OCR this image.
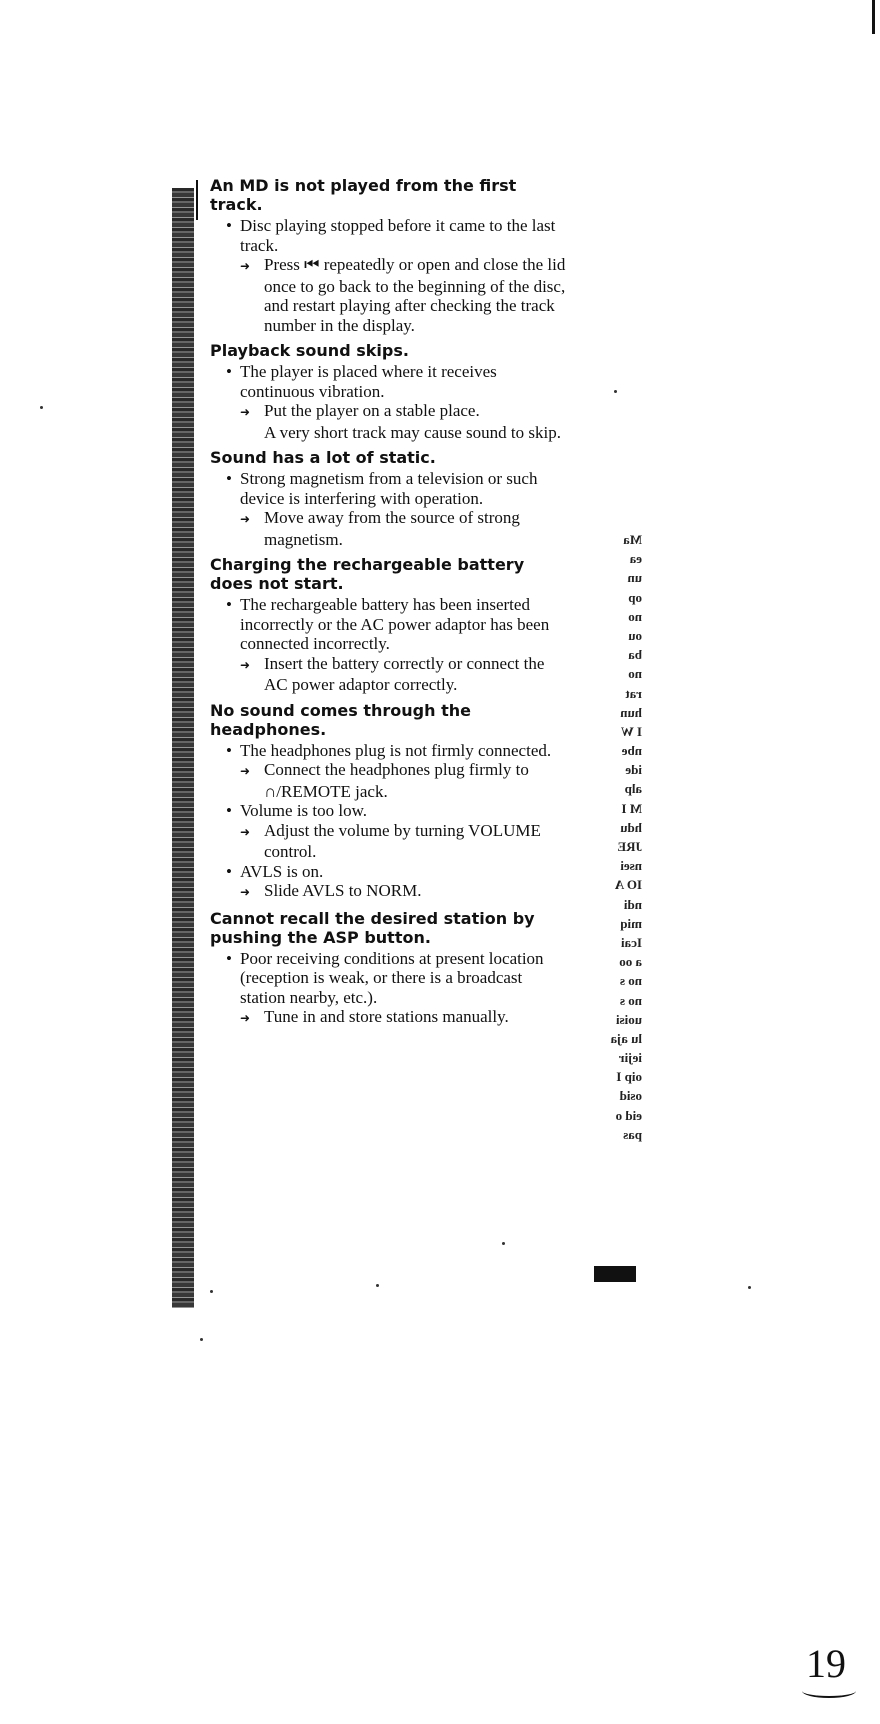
An MD is not played from the first track.
• Disc playing stopped before it came to the last track.
➜ Press ⏮ repeatedly or open and close the lid once to go back to the beginning of the disc, and restart playing after checking the track number in the display.
Playback sound skips.
• The player is placed where it receives continuous vibration.
➜ Put the player on a stable place.
A very short track may cause sound to skip.
Sound has a lot of static.
• Strong magnetism from a television or such device is interfering with operation.
➜ Move away from the source of strong magnetism.
Charging the rechargeable battery does not start.
• The rechargeable battery has been inserted incorrectly or the AC power adaptor has been connected incorrectly.
➜ Insert the battery correctly or connect the AC power adaptor correctly.
No sound comes through the headphones.
• The headphones plug is not firmly connected.
➜ Connect the headphones plug firmly to ∩/REMOTE jack.
• Volume is too low.
➜ Adjust the volume by turning VOLUME control.
• AVLS is on.
➜ Slide AVLS to NORM.
Cannot recall the desired station by pushing the ASP button.
• Poor receiving conditions at present location (reception is weak, or there is a broadcast station nearby, etc.).
➜ Tune in and store stations manually.
Ma
ea
un
op
no
ou
ba
no
rat
hun
I W
nbe
ide
alp
M I
hdu
JRE
nsei
IO A
ndi
miq
Icai
a oo
no s
no s
uoisi
lu aja
iejir
oip I
osid
eid o
pas
19
